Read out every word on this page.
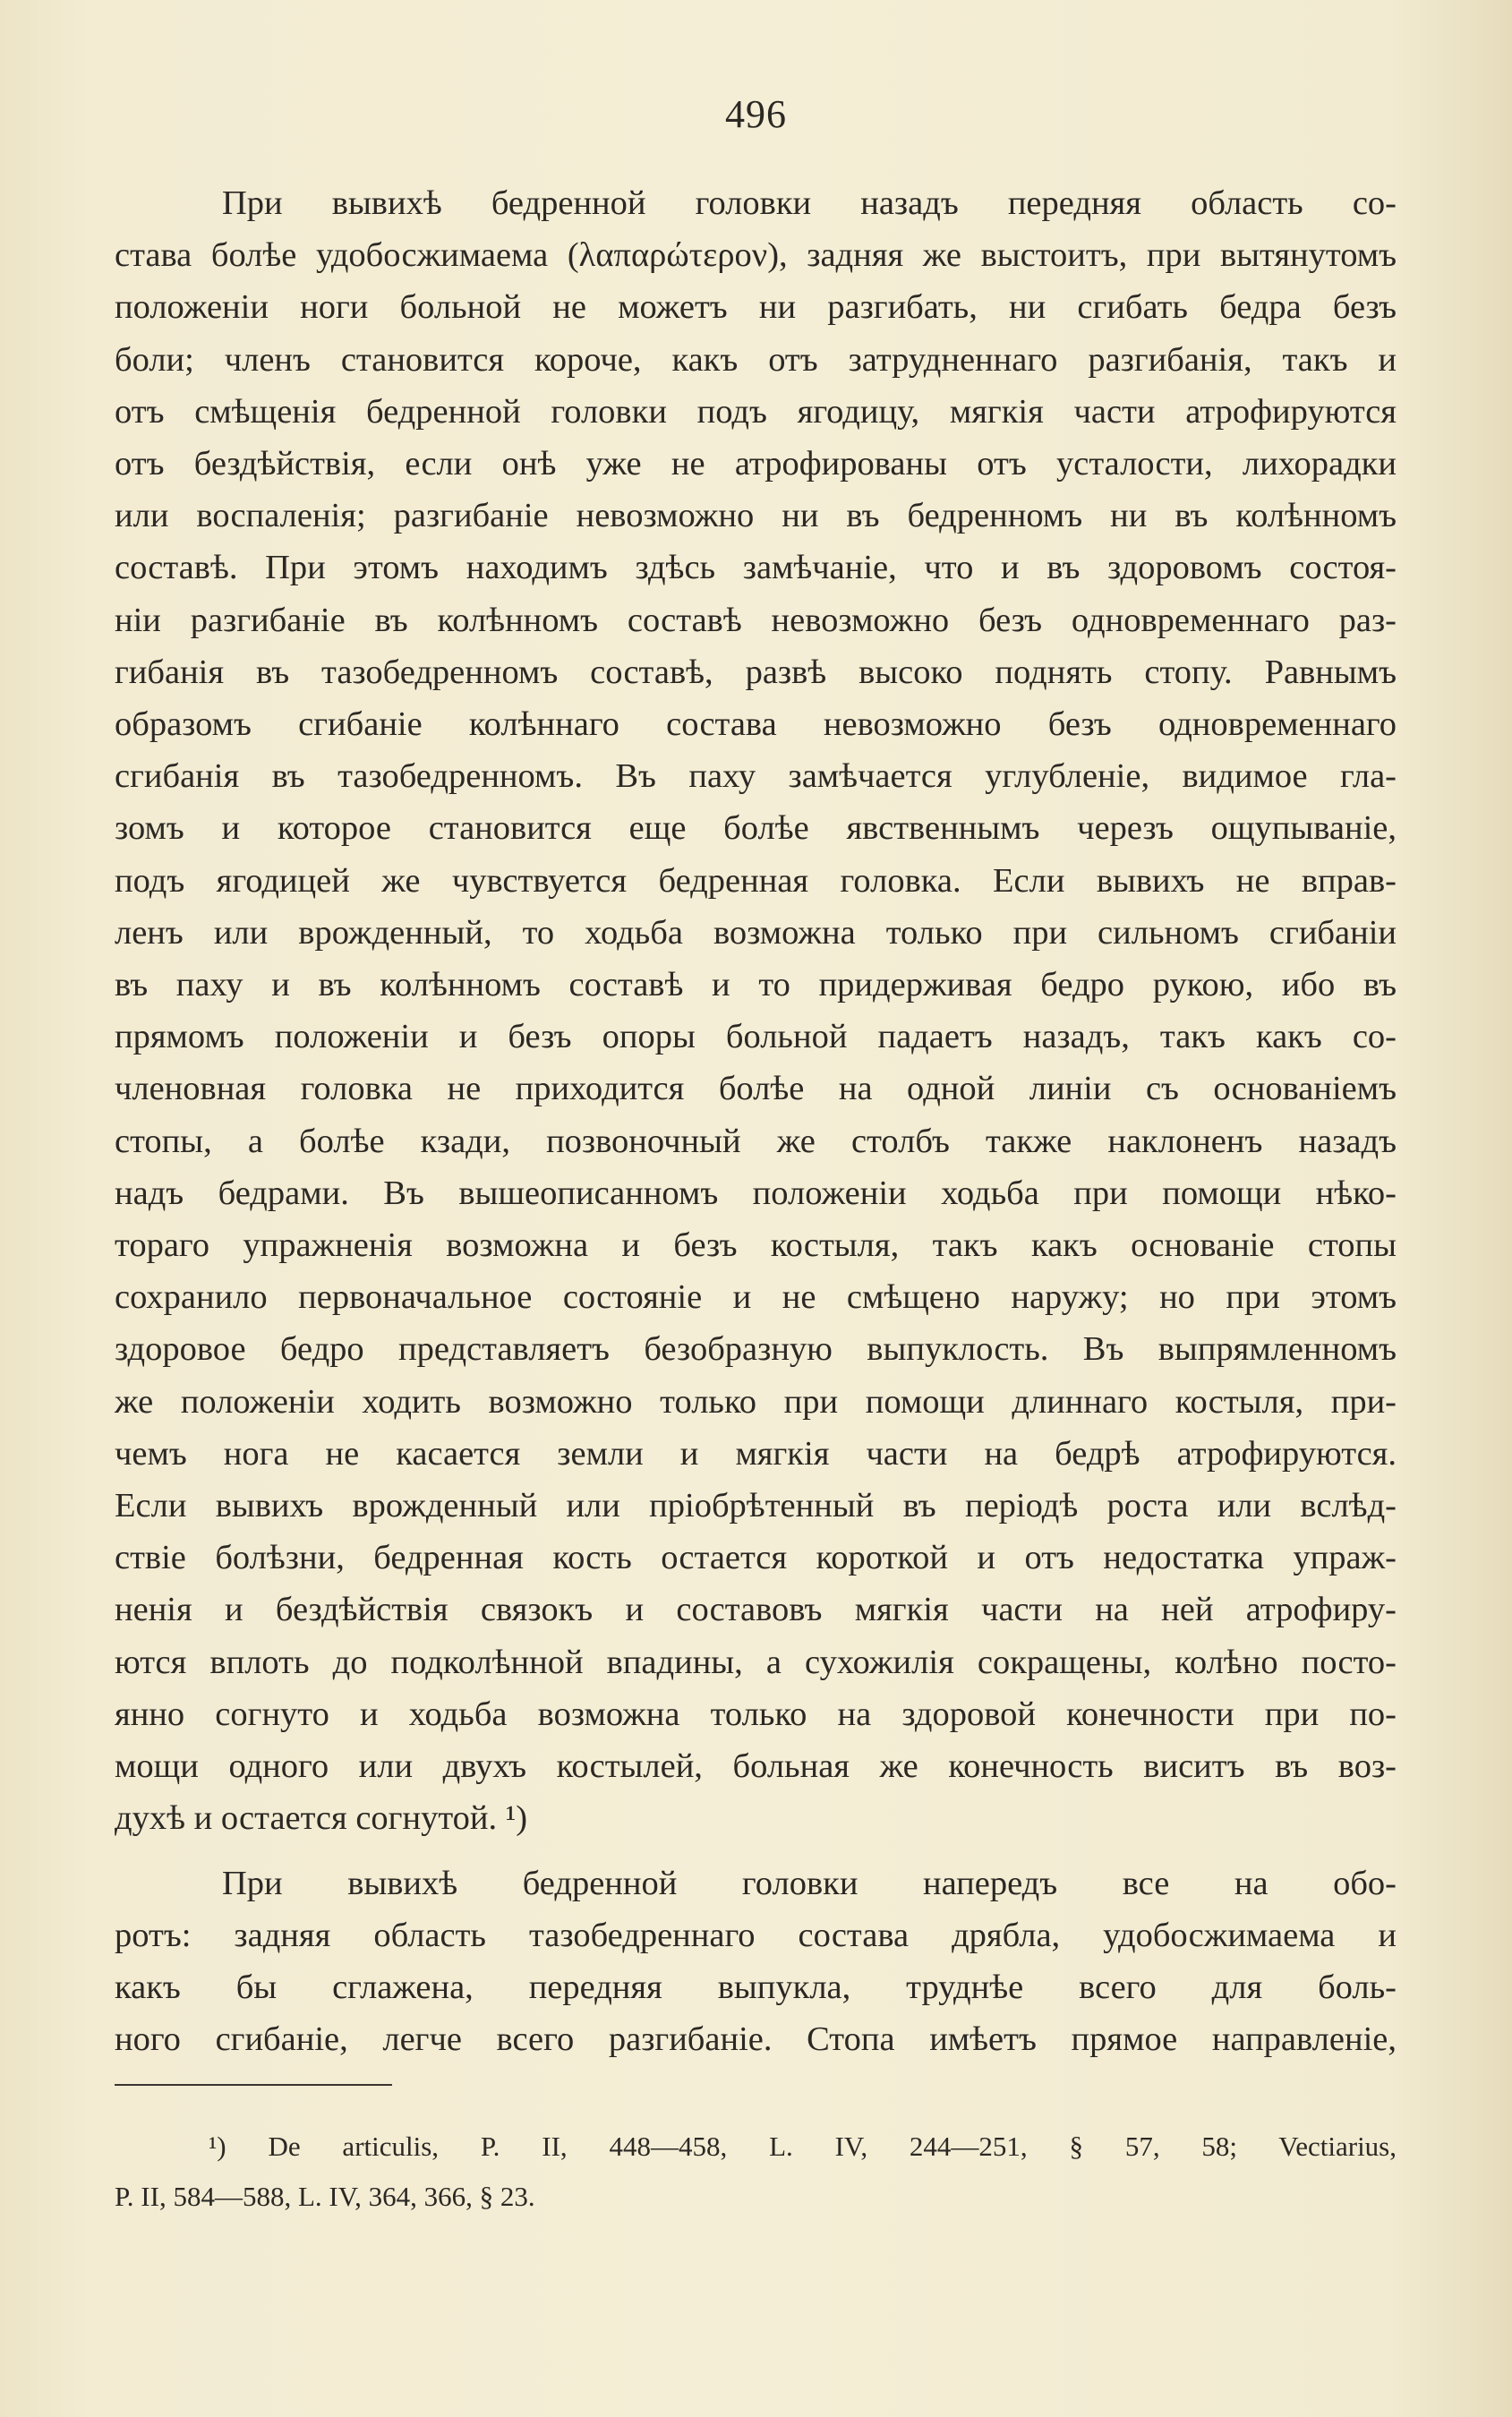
496

При вывихѣ бедренной головки назадъ передняя область со-
става болѣе удобосжимаема (λαπαρώτερον), задняя же выстоитъ, при вытянутомъ
положеніи ноги больной не можетъ ни разгибать, ни сгибать бедра безъ
боли; членъ становится короче, какъ отъ затрудненнаго разгибанія, такъ и
отъ смѣщенія бедренной головки подъ ягодицу, мягкія части атрофируются
отъ бездѣйствія, если онѣ уже не атрофированы отъ усталости, лихорадки
или воспаленія; разгибаніе невозможно ни въ бедренномъ ни въ колѣнномъ
составѣ. При этомъ находимъ здѣсь замѣчаніе, что и въ здоровомъ состоя-
ніи разгибаніе въ колѣнномъ составѣ невозможно безъ одновременнаго раз-
гибанія въ тазобедренномъ составѣ, развѣ высоко поднять стопу. Равнымъ
образомъ сгибаніе колѣннаго состава невозможно безъ одновременнаго
сгибанія въ тазобедренномъ. Въ паху замѣчается углубленіе, видимое гла-
зомъ и которое становится еще болѣе явственнымъ черезъ ощупываніе,
подъ ягодицей же чувствуется бедренная головка. Если вывихъ не вправ-
ленъ или врожденный, то ходьба возможна только при сильномъ сгибаніи
въ паху и въ колѣнномъ составѣ и то придерживая бедро рукою, ибо въ
прямомъ положеніи и безъ опоры больной падаетъ назадъ, такъ какъ со-
членовная головка не приходится болѣе на одной линіи съ основаніемъ
стопы, а болѣе кзади, позвоночный же столбъ также наклоненъ назадъ
надъ бедрами. Въ вышеописанномъ положеніи ходьба при помощи нѣко-
тораго упражненія возможна и безъ костыля, такъ какъ основаніе стопы
сохранило первоначальное состояніе и не смѣщено наружу; но при этомъ
здоровое бедро представляетъ безобразную выпуклость. Въ выпрямленномъ
же положеніи ходить возможно только при помощи длиннаго костыля, при-
чемъ нога не касается земли и мягкія части на бедрѣ атрофируются.
Если вывихъ врожденный или пріобрѣтенный въ періодѣ роста или вслѣд-
ствіе болѣзни, бедренная кость остается короткой и отъ недостатка упраж-
ненія и бездѣйствія связокъ и составовъ мягкія части на ней атрофиру-
ются вплоть до подколѣнной впадины, а сухожилія сокращены, колѣно посто-
янно согнуто и ходьба возможна только на здоровой конечности при по-
мощи одного или двухъ костылей, больная же конечность виситъ въ воз-
духѣ и остается согнутой. ¹)

При вывихѣ бедренной головки напередъ все на обо-
ротъ: задняя область тазобедреннаго состава дрябла, удобосжимаема и
какъ бы сглажена, передняя выпукла, труднѣе всего для боль-
ного сгибаніе, легче всего разгибаніе. Стопа имѣетъ прямое направленіе,

¹) De articulis, P. II, 448—458, L. IV, 244—251, § 57, 58; Vectiarius,
P. II, 584—588, L. IV, 364, 366, § 23.
